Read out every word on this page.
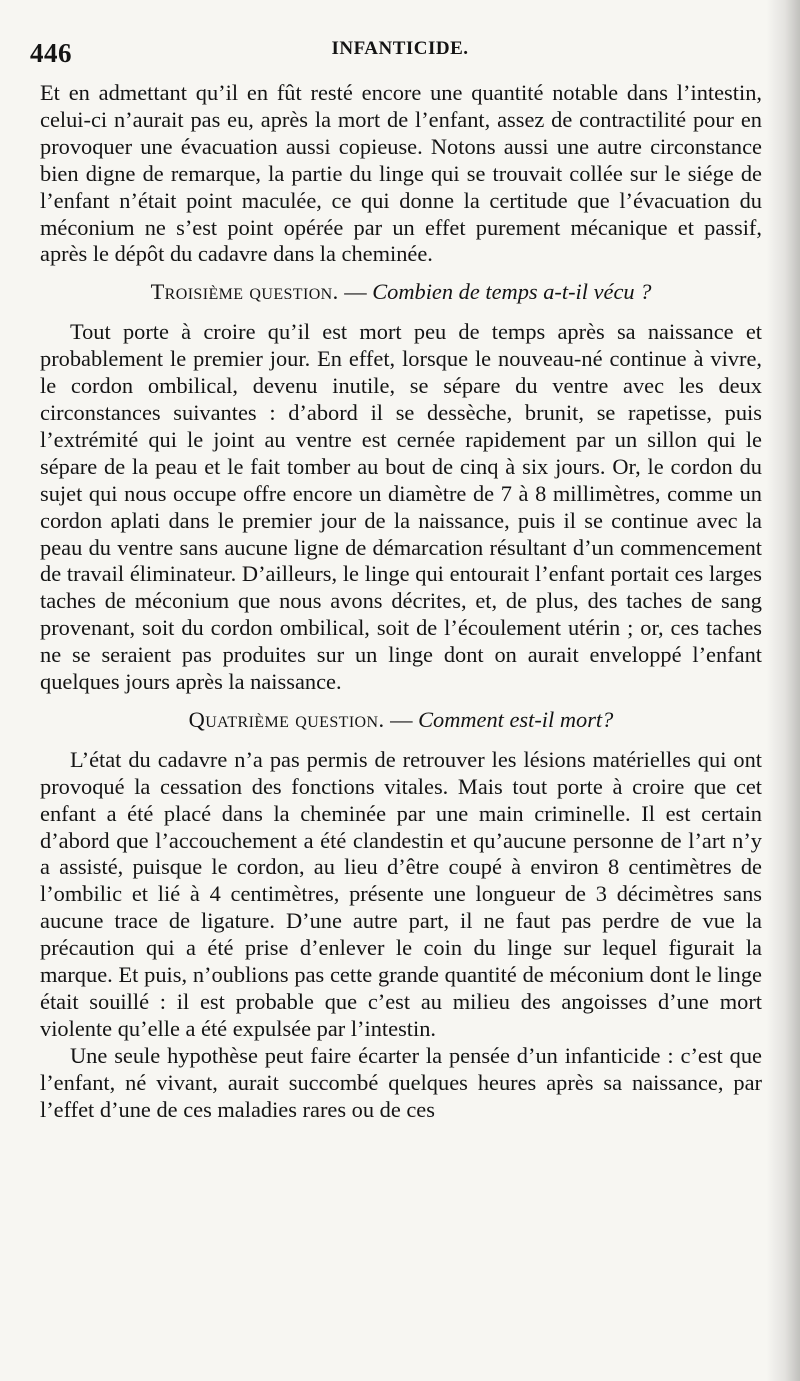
446	INFANTICIDE.

Et en admettant qu’il en fût resté encore une quantité notable dans l’intestin, celui-ci n’aurait pas eu, après la mort de l’enfant, assez de contractilité pour en provoquer une évacuation aussi copieuse. Notons aussi une autre circonstance bien digne de remarque, la partie du linge qui se trouvait collée sur le siége de l’enfant n’était point maculée, ce qui donne la certitude que l’évacuation du méconium ne s’est point opérée par un effet purement mécanique et passif, après le dépôt du cadavre dans la cheminée.

Troisième question. — Combien de temps a-t-il vécu ?

Tout porte à croire qu’il est mort peu de temps après sa naissance et probablement le premier jour. En effet, lorsque le nouveau-né continue à vivre, le cordon ombilical, devenu inutile, se sépare du ventre avec les deux circonstances suivantes : d’abord il se dessèche, brunit, se rapetisse, puis l’extrémité qui le joint au ventre est cernée rapidement par un sillon qui le sépare de la peau et le fait tomber au bout de cinq à six jours. Or, le cordon du sujet qui nous occupe offre encore un diamètre de 7 à 8 millimètres, comme un cordon aplati dans le premier jour de la naissance, puis il se continue avec la peau du ventre sans aucune ligne de démarcation résultant d’un commencement de travail éliminateur. D’ailleurs, le linge qui entourait l’enfant portait ces larges taches de méconium que nous avons décrites, et, de plus, des taches de sang provenant, soit du cordon ombilical, soit de l’écoulement utérin ; or, ces taches ne se seraient pas produites sur un linge dont on aurait enveloppé l’enfant quelques jours après la naissance.

Quatrième question. — Comment est-il mort?

L’état du cadavre n’a pas permis de retrouver les lésions matérielles qui ont provoqué la cessation des fonctions vitales. Mais tout porte à croire que cet enfant a été placé dans la cheminée par une main criminelle. Il est certain d’abord que l’accouchement a été clandestin et qu’aucune personne de l’art n’y a assisté, puisque le cordon, au lieu d’être coupé à environ 8 centimètres de l’ombilic et lié à 4 centimètres, présente une longueur de 3 décimètres sans aucune trace de ligature. D’une autre part, il ne faut pas perdre de vue la précaution qui a été prise d’enlever le coin du linge sur lequel figurait la marque. Et puis, n’oublions pas cette grande quantité de méconium dont le linge était souillé : il est probable que c’est au milieu des angoisses d’une mort violente qu’elle a été expulsée par l’intestin.

Une seule hypothèse peut faire écarter la pensée d’un infanticide : c’est que l’enfant, né vivant, aurait succombé quelques heures après sa naissance, par l’effet d’une de ces maladies rares ou de ces
